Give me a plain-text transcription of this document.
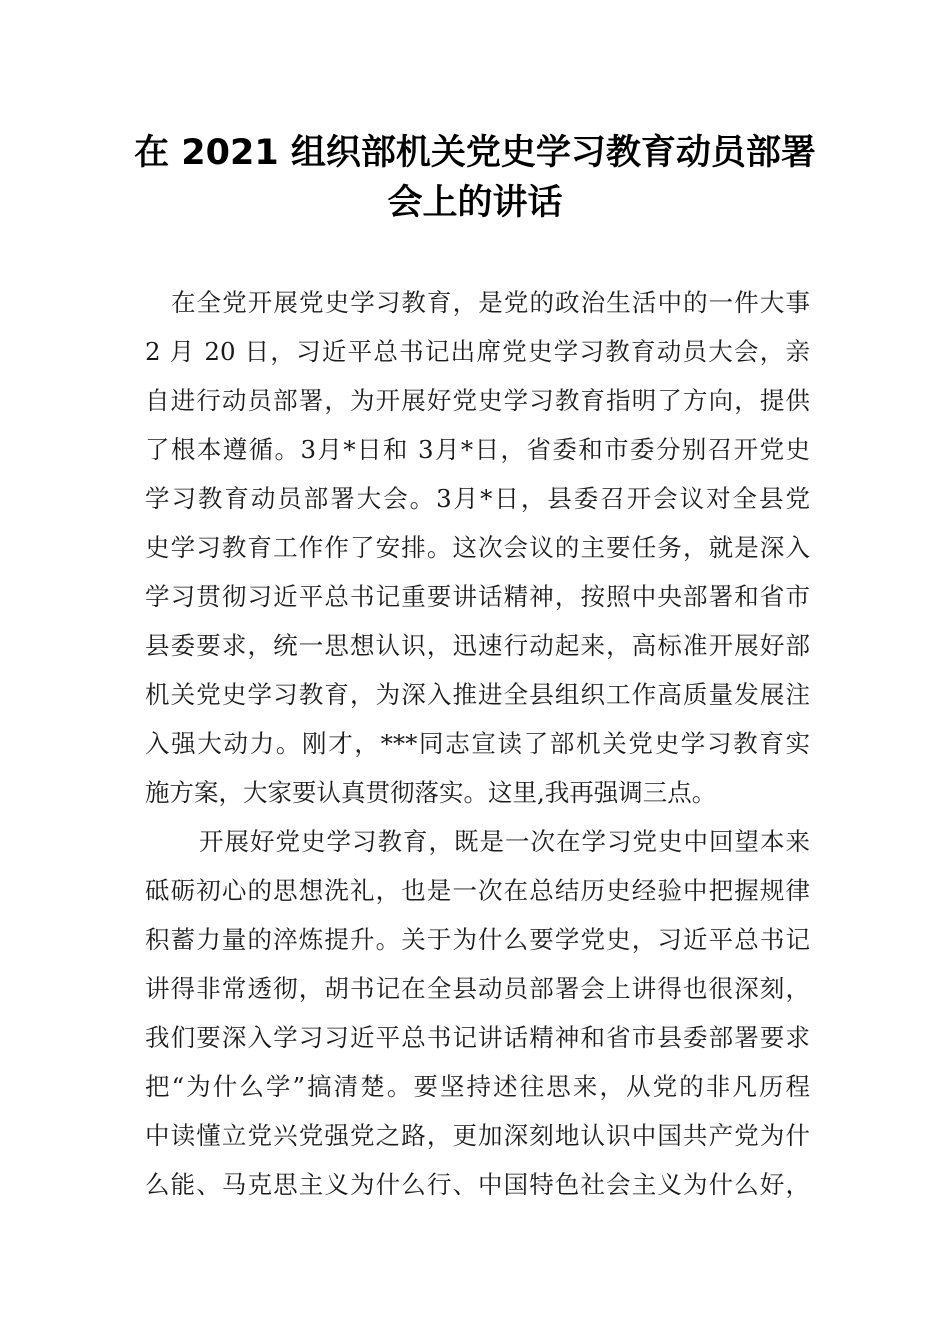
在 2021 组织部机关党史学习教育动员部署
会上的讲话
在全党开展党史学习教育，是党的政治生活中的一件大事
2 月 20 日，习近平总书记出席党史学习教育动员大会，亲
自进行动员部署，为开展好党史学习教育指明了方向，提供
了根本遵循。3月*日和 3月*日，省委和市委分别召开党史
学习教育动员部署大会。3月*日，县委召开会议对全县党
史学习教育工作作了安排。这次会议的主要任务，就是深入
学习贯彻习近平总书记重要讲话精神，按照中央部署和省市
县委要求，统一思想认识，迅速行动起来，高标准开展好部
机关党史学习教育，为深入推进全县组织工作高质量发展注
入强大动力。刚才，***同志宣读了部机关党史学习教育实
施方案，大家要认真贯彻落实。这里,我再强调三点。
开展好党史学习教育，既是一次在学习党史中回望本来
砥砺初心的思想洗礼，也是一次在总结历史经验中把握规律
积蓄力量的淬炼提升。关于为什么要学党史，习近平总书记
讲得非常透彻，胡书记在全县动员部署会上讲得也很深刻，
我们要深入学习习近平总书记讲话精神和省市县委部署要求
把“为什么学”搞清楚。要坚持述往思来，从党的非凡历程
中读懂立党兴党强党之路，更加深刻地认识中国共产党为什
么能、马克思主义为什么行、中国特色社会主义为什么好，
